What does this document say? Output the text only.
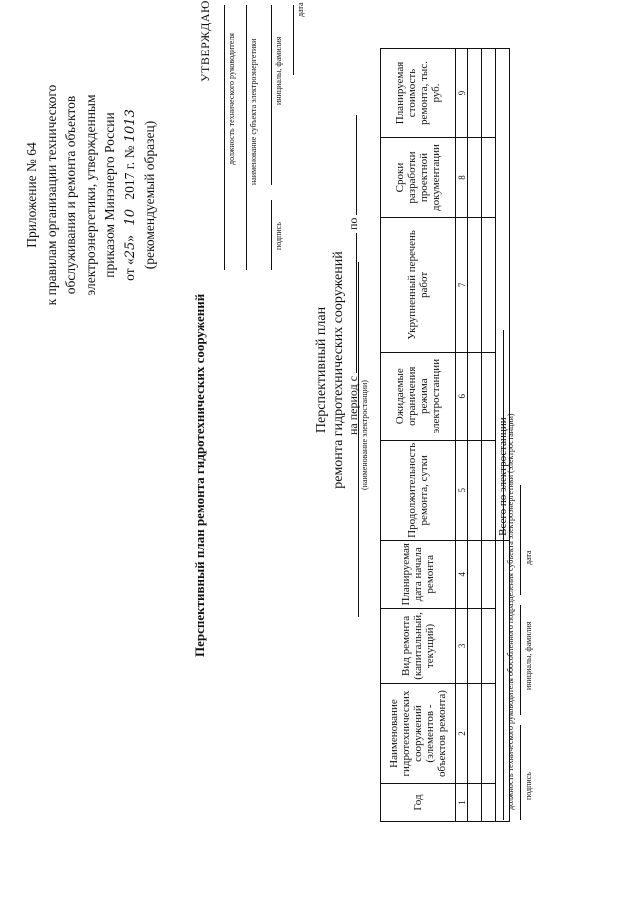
Приложение № 64 к правилам организации технического обслуживания и ремонта объектов электроэнергетики, утвержденным приказом Минэнерго России от «25» 10 2017 г. № 1013 (рекомендуемый образец)
Перспективный план ремонта гидротехнических сооружений
УТВЕРЖДАЮ должность технического руководителя наименование субъекта электроэнергетики
подпись
инициалы, фамилия
дата
Перспективный план ремонта гидротехнических сооружений на период с  по
(наименование электростанции)
Год	Наименование гидротехнических сооружений (элементов - объектов ремонта)	Вид ремонта (капитальный, текущий)	Планируемая дата начала ремонта	Продолжительность ремонта, сутки	Ожидаемые ограничения режима электростанции	Укрупненный перечень работ	Сроки разработки проектной документации	Планируемая стоимость ремонта, тыс. руб.
1	2	3	4	5	6	7	8	9

				Всего по электростанции				
должность технического руководителя обособленного подразделения субъекта электроэнергетики (электростанции) подпись
инициалы, фамилия
дата
